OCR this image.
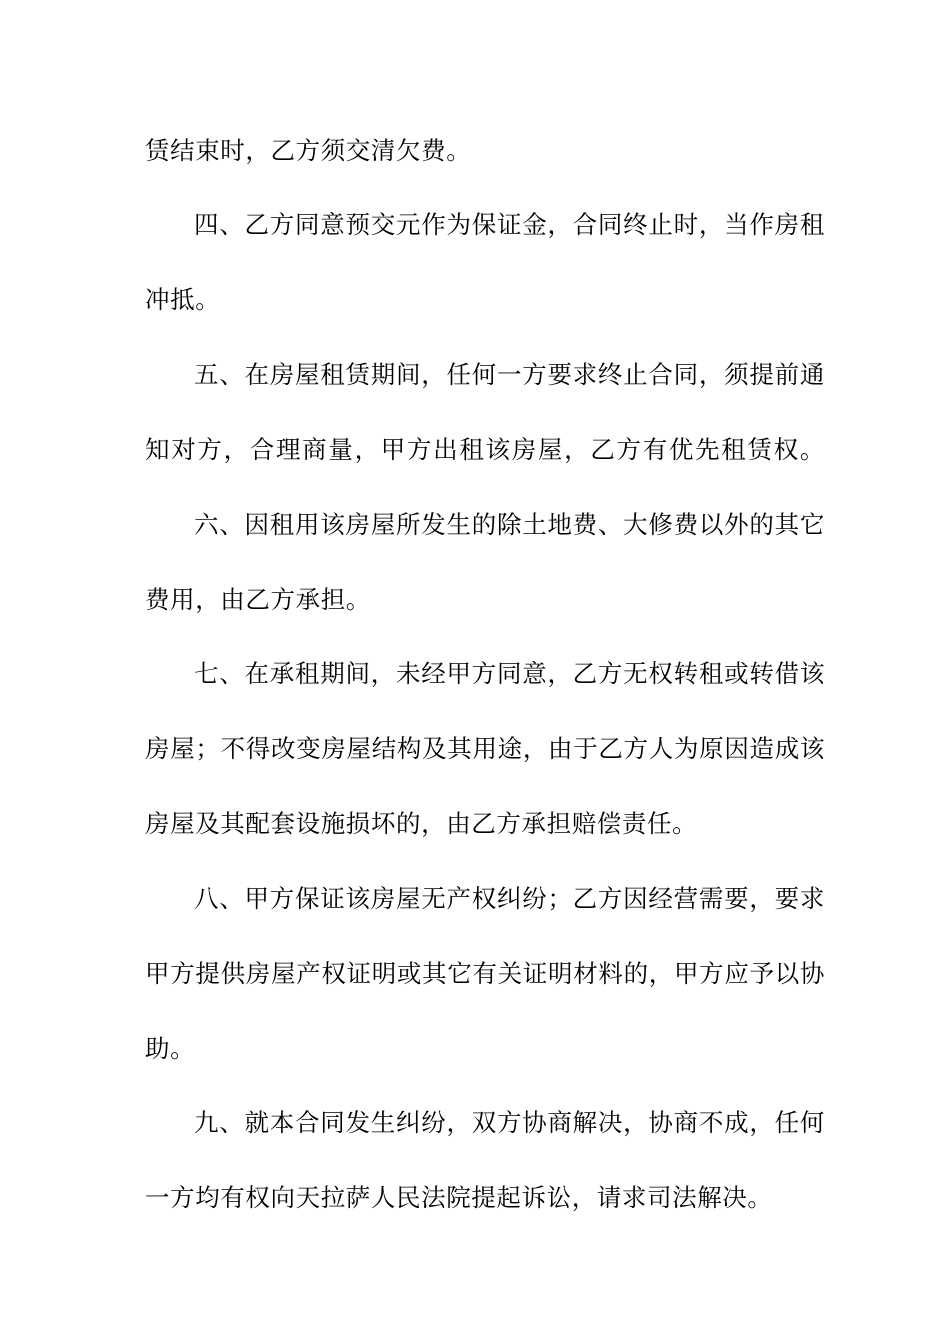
赁结束时，乙方须交清欠费。
四、乙方同意预交元作为保证金，合同终止时，当作房租
冲抵。
五、在房屋租赁期间，任何一方要求终止合同，须提前通
知对方，合理商量，甲方出租该房屋，乙方有优先租赁权。
六、因租用该房屋所发生的除土地费、大修费以外的其它
费用，由乙方承担。
七、在承租期间，未经甲方同意，乙方无权转租或转借该
房屋；不得改变房屋结构及其用途，由于乙方人为原因造成该
房屋及其配套设施损坏的，由乙方承担赔偿责任。
八、甲方保证该房屋无产权纠纷；乙方因经营需要，要求
甲方提供房屋产权证明或其它有关证明材料的，甲方应予以协
助。
九、就本合同发生纠纷，双方协商解决，协商不成，任何
一方均有权向天拉萨人民法院提起诉讼，请求司法解决。
